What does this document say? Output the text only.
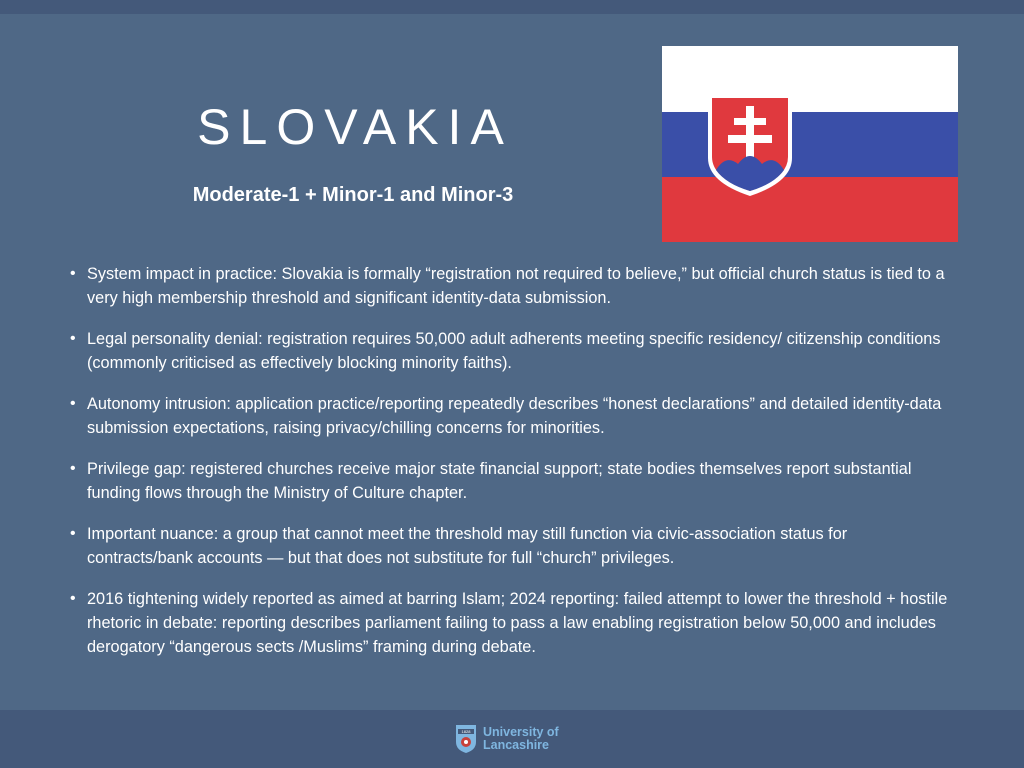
SLOVAKIA
Moderate-1 + Minor-1 and Minor-3
• System impact in practice: Slovakia is formally “registration not required to believe,” but official church status is tied to a very high membership threshold and significant identity-data submission.
• Legal personality denial: registration requires 50,000 adult adherents meeting specific residency/ citizenship conditions (commonly criticised as effectively blocking minority faiths).
• Autonomy intrusion: application practice/reporting repeatedly describes “honest declarations” and detailed identity-data submission expectations, raising privacy/chilling concerns for minorities.
• Privilege gap: registered churches receive major state financial support; state bodies themselves report substantial funding flows through the Ministry of Culture chapter.
• Important nuance: a group that cannot meet the threshold may still function via civic-association status for contracts/bank accounts — but that does not substitute for full “church” privileges.
• 2016 tightening widely reported as aimed at barring Islam; 2024 reporting: failed attempt to lower the threshold + hostile rhetoric in debate: reporting describes parliament failing to pass a law enabling registration below 50,000 and includes derogatory “dangerous sects /Muslims” framing during debate.
1828 University of
Lancashire
